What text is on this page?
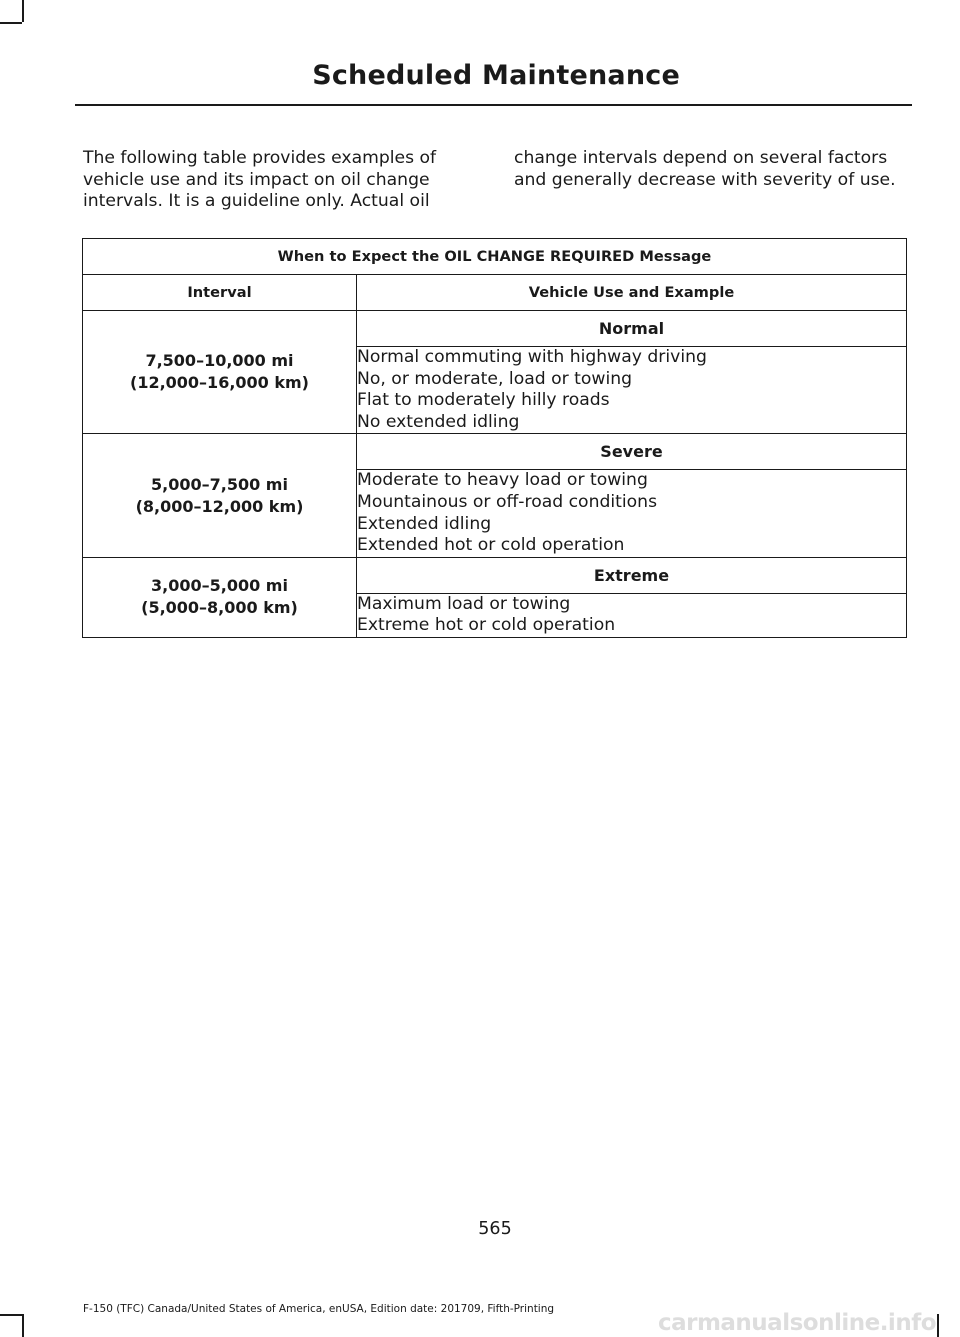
Scheduled Maintenance
The following table provides examples of vehicle use and its impact on oil change intervals. It is a guideline only. Actual oil
change intervals depend on several factors and generally decrease with severity of use.
When to Expect the OIL CHANGE REQUIRED Message	
Interval	Vehicle Use and Example
7,500–10,000 mi
(12,000–16,000 km)	Normal

	Normal commuting with highway driving
No, or moderate, load or towing
Flat to moderately hilly roads
No extended idling

5,000–7,500 mi
(8,000–12,000 km)	Severe

	Moderate to heavy load or towing
Mountainous or off-road conditions
Extended idling
Extended hot or cold operation

3,000–5,000 mi
(5,000–8,000 km)	Extreme

	Maximum load or towing
Extreme hot or cold operation
565
F-150 (TFC) Canada/United States of America, enUSA, Edition date: 201709, Fifth-Printing
carmanualsonline.info
